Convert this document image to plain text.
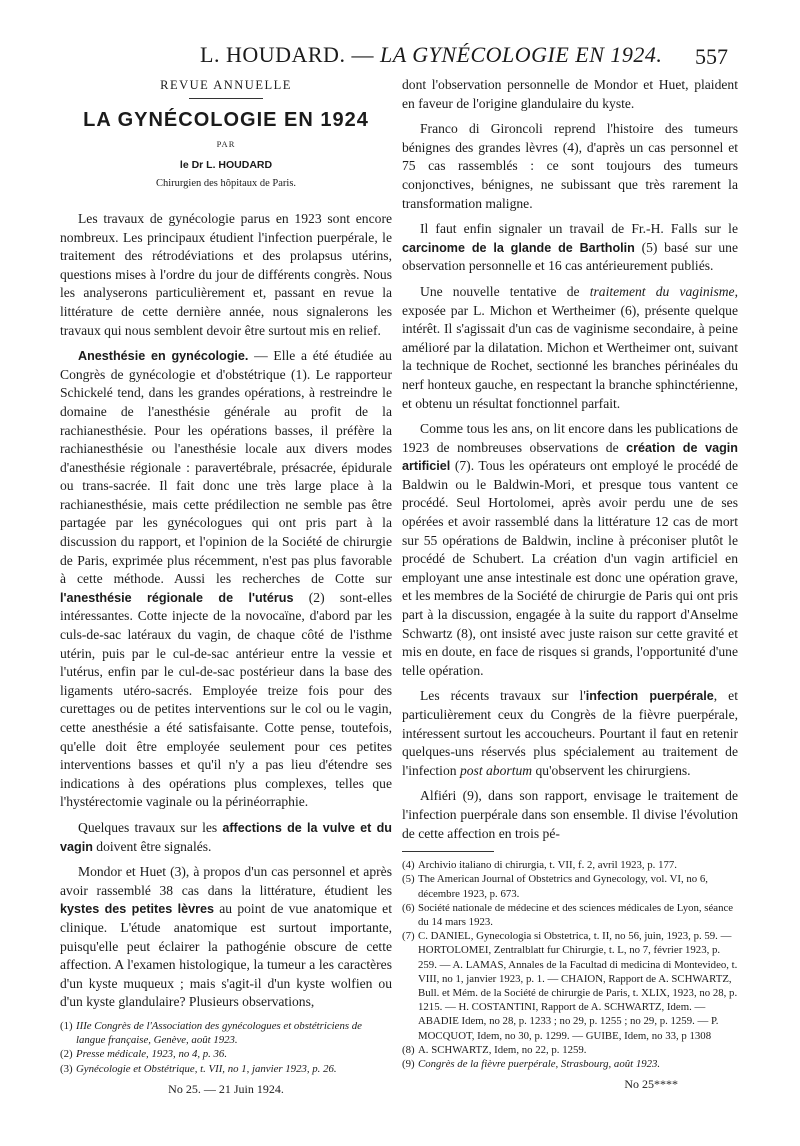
L. HOUDARD. — LA GYNÉCOLOGIE EN 1924.	557
REVUE ANNUELLE
LA GYNÉCOLOGIE EN 1924
PAR
le Dr L. HOUDARD
Chirurgien des hôpitaux de Paris.

Les travaux de gynécologie parus en 1923 sont encore nombreux. Les principaux étudient l'infection puerpérale, le traitement des rétrodéviations et des prolapsus utérins, questions mises à l'ordre du jour de différents congrès. Nous les analyserons particulièrement et, passant en revue la littérature de cette dernière année, nous signalerons les travaux qui nous semblent devoir être surtout mis en relief.

Anesthésie en gynécologie. — Elle a été étudiée au Congrès de gynécologie et d'obstétrique (1). Le rapporteur Schickelé tend, dans les grandes opérations, à restreindre le domaine de l'anesthésie générale au profit de la rachianesthésie. Pour les opérations basses, il préfère la rachianesthésie ou l'anesthésie locale aux divers modes d'anesthésie régionale : paravertébrale, présacrée, épidurale ou trans-sacrée. Il fait donc une très large place à la rachianesthésie, mais cette prédilection ne semble pas être partagée par les gynécologues qui ont pris part à la discussion du rapport, et l'opinion de la Société de chirurgie de Paris, exprimée plus récemment, n'est pas plus favorable à cette méthode. Aussi les recherches de Cotte sur l'anesthésie régionale de l'utérus (2) sont-elles intéressantes. Cotte injecte de la novocaïne, d'abord par les culs-de-sac latéraux du vagin, de chaque côté de l'isthme utérin, puis par le cul-de-sac antérieur entre la vessie et l'utérus, enfin par le cul-de-sac postérieur dans la base des ligaments utéro-sacrés. Employée treize fois pour des curettages ou de petites interventions sur le col ou le vagin, cette anesthésie a été satisfaisante. Cotte pense, toutefois, qu'elle doit être employée seulement pour ces petites interventions basses et qu'il n'y a pas lieu d'étendre ses indications à des opérations plus complexes, telles que l'hystérectomie vaginale ou la périnéorraphie.

Quelques travaux sur les affections de la vulve et du vagin doivent être signalés.

Mondor et Huet (3), à propos d'un cas personnel et après avoir rassemblé 38 cas dans la littérature, étudient les kystes des petites lèvres au point de vue anatomique et clinique. L'étude anatomique est surtout importante, puisqu'elle peut éclairer la pathogénie obscure de cette affection. A l'examen histologique, la tumeur a les caractères d'un kyste muqueux ; mais s'agit-il d'un kyste wolfien ou d'un kyste glandulaire? Plusieurs observations,

(1) IIIe Congrès de l'Association des gynécologues et obstétriciens de langue française, Genève, août 1923.

(2) Presse médicale, 1923, no 4, p. 36.

(3) Gynécologie et Obstétrique, t. VII, no 1, janvier 1923, p. 26.

No 25. — 21 Juin 1924.

dont l'observation personnelle de Mondor et Huet, plaident en faveur de l'origine glandulaire du kyste.

Franco di Gironcoli reprend l'histoire des tumeurs bénignes des grandes lèvres (4), d'après un cas personnel et 75 cas rassemblés : ce sont toujours des tumeurs conjonctives, bénignes, ne subissant que très rarement la transformation maligne.

Il faut enfin signaler un travail de Fr.-H. Falls sur le carcinome de la glande de Bartholin (5) basé sur une observation personnelle et 16 cas antérieurement publiés.

Une nouvelle tentative de traitement du vaginisme, exposée par L. Michon et Wertheimer (6), présente quelque intérêt. Il s'agissait d'un cas de vaginisme secondaire, à peine amélioré par la dilatation. Michon et Wertheimer ont, suivant la technique de Rochet, sectionné les branches périnéales du nerf honteux gauche, en respectant la branche sphinctérienne, et obtenu un résultat fonctionnel parfait.

Comme tous les ans, on lit encore dans les publications de 1923 de nombreuses observations de création de vagin artificiel (7). Tous les opérateurs ont employé le procédé de Baldwin ou le Baldwin-Mori, et presque tous vantent ce procédé. Seul Hortolomei, après avoir perdu une de ses opérées et avoir rassemblé dans la littérature 12 cas de mort sur 55 opérations de Baldwin, incline à préconiser plutôt le procédé de Schubert. La création d'un vagin artificiel en employant une anse intestinale est donc une opération grave, et les membres de la Société de chirurgie de Paris qui ont pris part à la discussion, engagée à la suite du rapport d'Anselme Schwartz (8), ont insisté avec juste raison sur cette gravité et mis en doute, en face de risques si grands, l'opportunité d'une telle opération.

Les récents travaux sur l'infection puerpérale, et particulièrement ceux du Congrès de la fièvre puerpérale, intéressent surtout les accoucheurs. Pourtant il faut en retenir quelques-uns réservés plus spécialement au traitement de l'infection post abortum qu'observent les chirurgiens.

Alfiéri (9), dans son rapport, envisage le traitement de l'infection puerpérale dans son ensemble. Il divise l'évolution de cette affection en trois pé-

(4) Archivio italiano di chirurgia, t. VII, f. 2, avril 1923, p. 177.

(5) The American Journal of Obstetrics and Gynecology, vol. VI, no 6, décembre 1923, p. 673.

(6) Société nationale de médecine et des sciences médicales de Lyon, séance du 14 mars 1923.

(7) C. DANIEL, Gynecologia si Obstetrica, t. II, no 56, juin, 1923, p. 59. — HORTOLOMEI, Zentralblatt fur Chirurgie, t. L, no 7, février 1923, p. 259. — A. LAMAS, Annales de la Facultad di medicina di Montevideo, t. VIII, no 1, janvier 1923, p. 1. — CHAION, Rapport de A. SCHWARTZ, Bull. et Mém. de la Société de chirurgie de Paris, t. XLIX, 1923, no 28, p. 1215. — H. COSTANTINI, Rapport de A. SCHWARTZ, Idem. — ABADIE Idem, no 28, p. 1233 ; no 29, p. 1255 ; no 29, p. 1259. — P. MOCQUOT, Idem, no 30, p. 1299. — GUIBE, Idem, no 33, p 1308

(8) A. SCHWARTZ, Idem, no 22, p. 1259.

(9) Congrès de la fièvre puerpérale, Strasbourg, août 1923.

No 25****
